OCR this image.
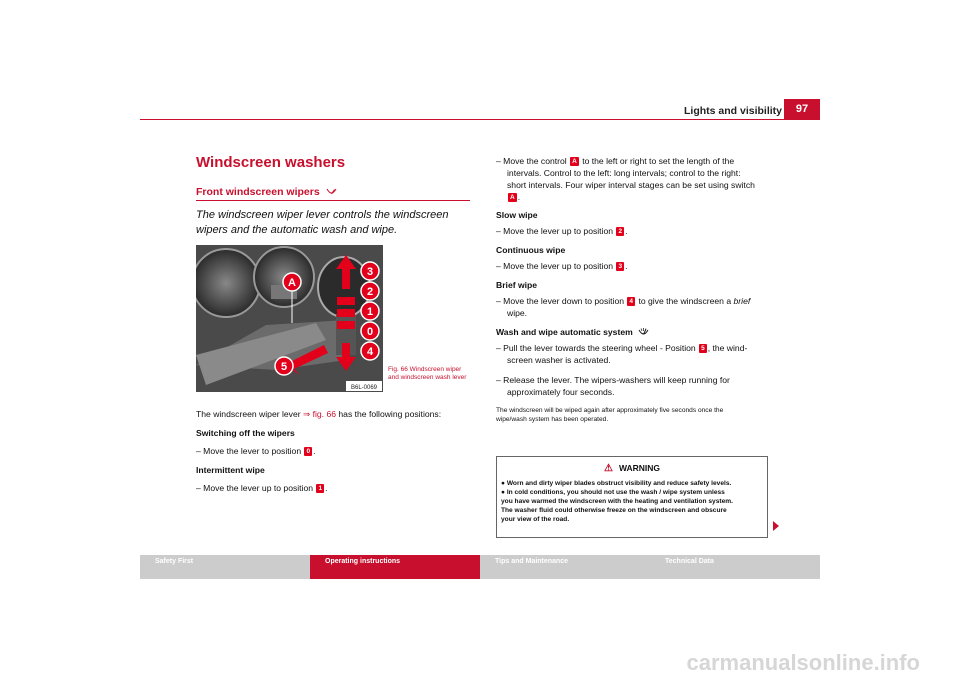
Lights and visibility	97
Windscreen washers
Front windscreen wipers
The windscreen wiper lever controls the windscreen wipers and the automatic wash and wipe.
A
3
2
1
0
4
5
B6L-0069
Fig. 66 Windscreen wiper and windscreen wash lever
The windscreen wiper lever ⇒ fig. 66 has the following positions:
Switching off the wipers
– Move the lever to position 0 .
Intermittent wipe
– Move the lever up to position 1 .
– Move the control A to the left or right to set the length of the
intervals. Control to the left: long intervals; control to the right:
short intervals. Four wiper interval stages can be set using switch
A .
Slow wipe
– Move the lever up to position 2 .
Continuous wipe
– Move the lever up to position 3 .
Brief wipe
– Move the lever down to position 4 to give the windscreen a brief
wipe.
Wash and wipe automatic system
– Pull the lever towards the steering wheel - Position 5 , the wind-
screen washer is activated.
– Release the lever. The wipers-washers will keep running for
approximately four seconds.
The windscreen will be wiped again after approximately five seconds once the
wipe/wash system has been operated.
⚠ WARNING
● Worn and dirty wiper blades obstruct visibility and reduce safety levels.
● In cold conditions, you should not use the wash / wipe system unless
you have warmed the windscreen with the heating and ventilation system.
The washer fluid could otherwise freeze on the windscreen and obscure
your view of the road.
Safety First	Operating instructions	Tips and Maintenance	Technical Data
carmanualsonline.info
